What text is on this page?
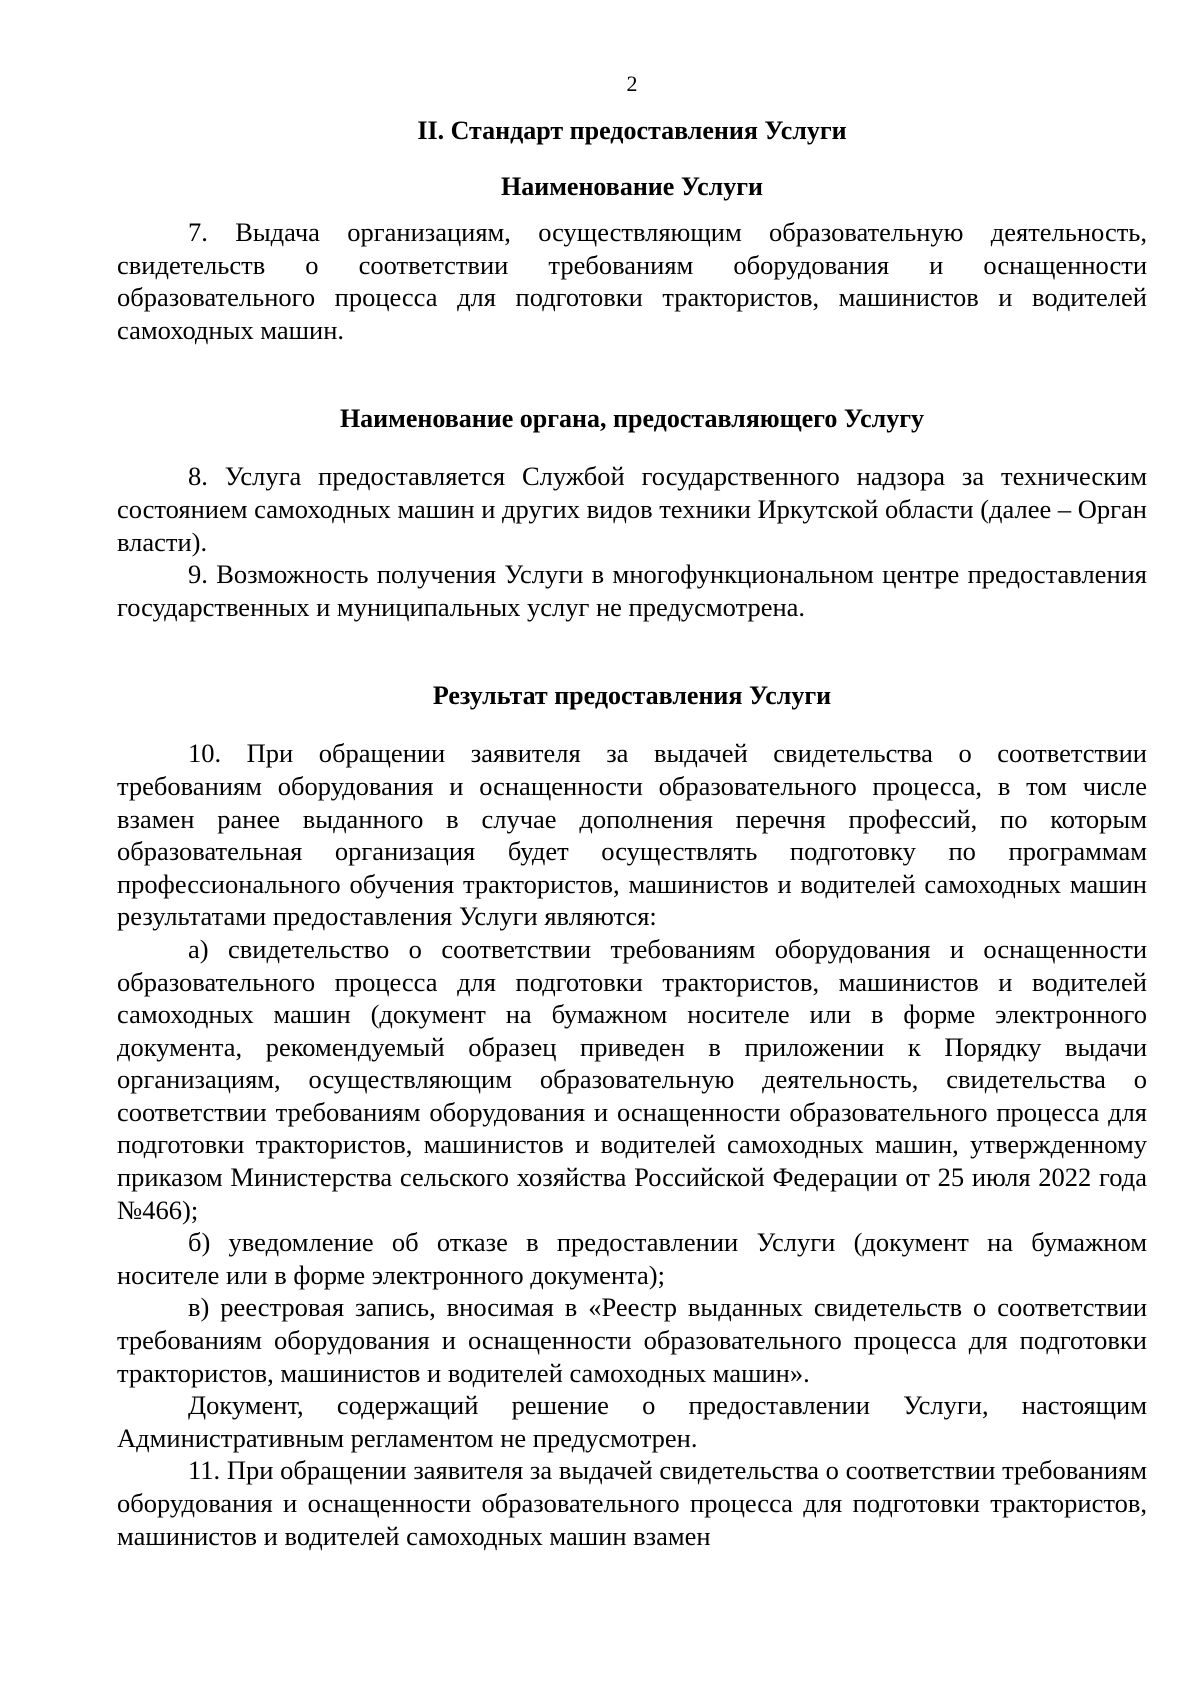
2
II. Стандарт предоставления Услуги
Наименование Услуги

7. Выдача организациям, осуществляющим образовательную деятельность, свидетельств о соответствии требованиям оборудования и оснащенности образовательного процесса для подготовки трактористов, машинистов и водителей самоходных машин.

Наименование органа, предоставляющего Услугу

8. Услуга предоставляется Службой государственного надзора за техническим состоянием самоходных машин и других видов техники Иркутской области (далее – Орган власти).

9. Возможность получения Услуги в многофункциональном центре предоставления государственных и муниципальных услуг не предусмотрена.

Результат предоставления Услуги

10. При обращении заявителя за выдачей свидетельства о соответствии требованиям оборудования и оснащенности образовательного процесса, в том числе взамен ранее выданного в случае дополнения перечня профессий, по которым образовательная организация будет осуществлять подготовку по программам профессионального обучения трактористов, машинистов и водителей самоходных машин результатами предоставления Услуги являются:

а) свидетельство о соответствии требованиям оборудования и оснащенности образовательного процесса для подготовки трактористов, машинистов и водителей самоходных машин (документ на бумажном носителе или в форме электронного документа, рекомендуемый образец приведен в приложении к Порядку выдачи организациям, осуществляющим образовательную деятельность, свидетельства о соответствии требованиям оборудования и оснащенности образовательного процесса для подготовки трактористов, машинистов и водителей самоходных машин, утвержденному приказом Министерства сельского хозяйства Российской Федерации от 25 июля 2022 года №466);

б) уведомление об отказе в предоставлении Услуги (документ на бумажном носителе или в форме электронного документа);

в) реестровая запись, вносимая в «Реестр выданных свидетельств о соответствии требованиям оборудования и оснащенности образовательного процесса для подготовки трактористов, машинистов и водителей самоходных машин».

Документ, содержащий решение о предоставлении Услуги, настоящим Административным регламентом не предусмотрен.

11. При обращении заявителя за выдачей свидетельства о соответствии требованиям оборудования и оснащенности образовательного процесса для подготовки трактористов, машинистов и водителей самоходных машин взамен
